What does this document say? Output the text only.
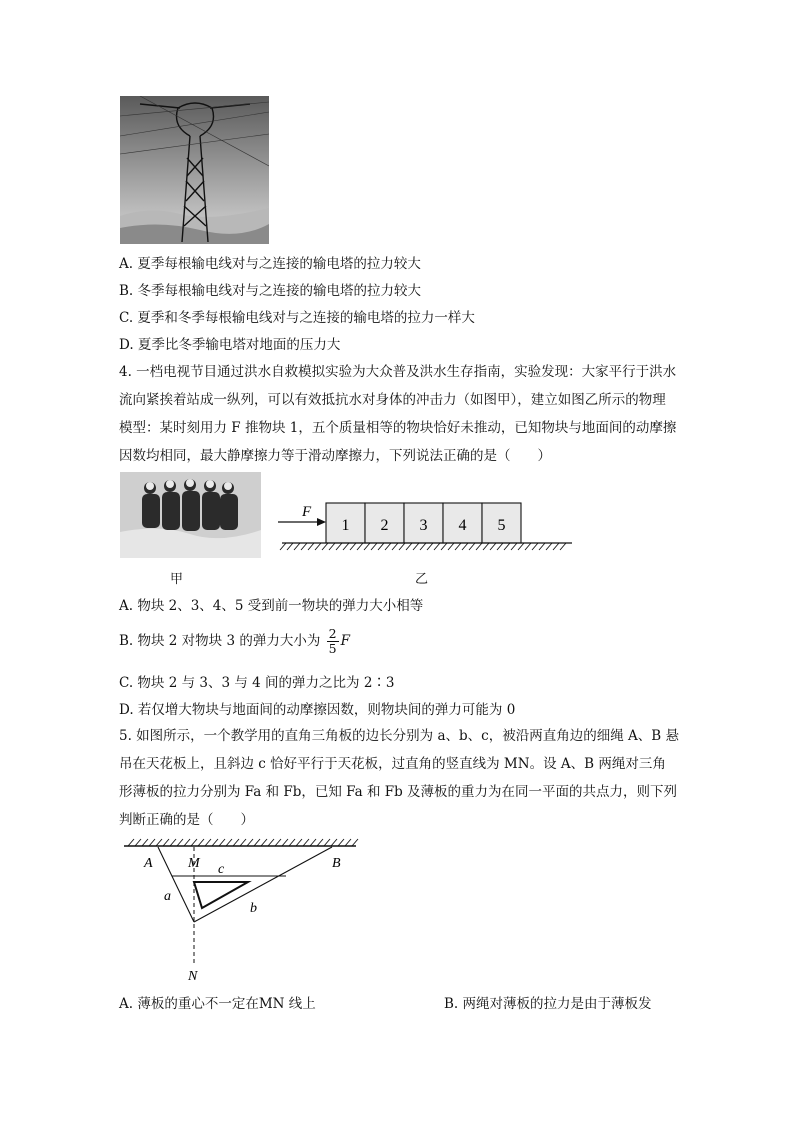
A. 夏季每根输电线对与之连接的输电塔的拉力较大
B. 冬季每根输电线对与之连接的输电塔的拉力较大
C. 夏季和冬季每根输电线对与之连接的输电塔的拉力一样大
D. 夏季比冬季输电塔对地面的压力大
4. 一档电视节目通过洪水自救模拟实验为大众普及洪水生存指南，实验发现：大家平行于洪水流向紧挨着站成一纵列，可以有效抵抗水对身体的冲击力（如图甲），建立如图乙所示的物理模型：某时刻用力 F 推物块 1，五个质量相等的物块恰好未推动，已知物块与地面间的动摩擦因数均相同，最大静摩擦力等于滑动摩擦力，下列说法正确的是（　　）
甲
1 2 3 4 5
F
乙
A. 物块 2、3、4、5 受到前一物块的弹力大小相等
B. 物块 2 对物块 3 的弹力大小为 $\frac{2}{5}$ F
C. 物块 2 与 3、3 与 4 间的弹力之比为 2∶3
D. 若仅增大物块与地面间的动摩擦因数，则物块间的弹力可能为 0
5. 如图所示，一个教学用的直角三角板的边长分别为 a、b、c，被沿两直角边的细绳 A、B 悬吊在天花板上，且斜边 c 恰好平行于天花板，过直角的竖直线为 MN。设 A、B 两绳对三角形薄板的拉力分别为 Fa 和 Fb，已知 Fa 和 Fb 及薄板的重力为在同一平面的共点力，则下列判断正确的是（　　）
A	M c	B
a
b
N
A. 薄板的重心不一定在MN 线上	B. 两绳对薄板的拉力是由于薄板发
